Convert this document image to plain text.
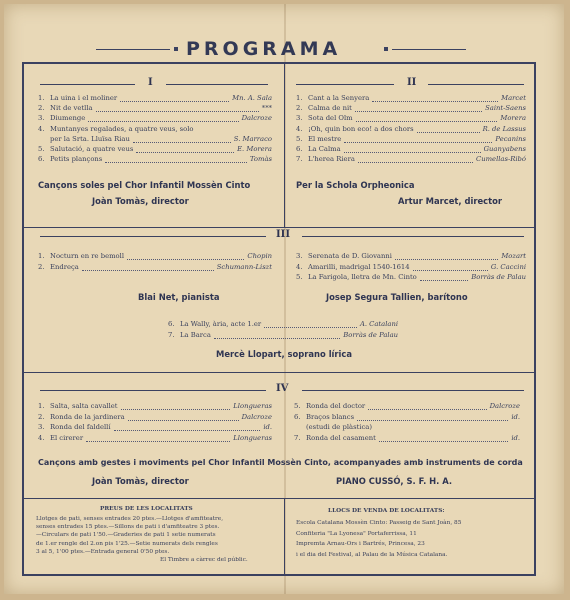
PROGRAMA
I
Cançons soles pel Chor Infantil Mossèn Cinto
Joàn Tomàs, director
II
Per la Schola Orpheonica
Artur Marcet, director
III
Blai Net, pianista	Josep Segura Tallien, barítono
Mercè Llopart, soprano lírica
IV
Cançons amb gestes i moviments pel Chor Infantil Mossèn Cinto, acompanyades amb instruments de corda
Joàn Tomàs, director	PIANO CUSSÓ, S. F. H. A.
PREUS DE LES LOCALITATS	LLOCS DE VENDA DE LOCALITATS:
1. La uina i el moliner	Mn. A. Sala
2. Nit de vetlla	***
3. Diumenge	Dalcroze
4. Muntanyes regalades, a quatre veus, solo
per la Srta. Lluïsa Riau	S. Marraco
5. Salutació, a quatre veus	E. Morera
6. Petits plançons	Tomàs
1. Cant a la Senyera	Marcet
2. Calma de nit	Saint-Saens
3. Sota del Olm	Morera
4. ¡Oh, quin bon eco! a dos chors	R. de Lassus
5. El mestre	Pecanins
6. La Calma	Guanyabens
7. L'herea Riera	Cumellas-Ribó
1. Nocturn en re bemoll	Chopin
2. Endreça	Schumann-Liszt
3. Serenata de D. Giovanni	Mozart
4. Amarilli, madrigal 1540-1614	G. Caccini
5. La Farigola, lletra de Mn. Cinto	Borràs de Palau
6. La Wally, ària, acte 1.er	A. Catalani
7. La Barca	Borràs de Palau
1. Salta, salta cavallet	Llongueras
2. Ronda de la jardinera	Dalcroze
3. Ronda del faldellí	id.
4. El cirerer	Llongueras
5. Ronda del doctor	Dalcroze
6. Braços blancs	id.
(estudi de plàstica)
7. Ronda del casament	id.
Llotges de pati, senses entrades 20 ptes.—Llotges d'amfiteatre,
senses entrades 15 ptes.—Sillons de pati i d'amfiteatre 3 ptes.
—Circulars de pati 1'50.—Graderies de pati 1 setie numerats
de 1.er rengle del 2.on pis 1'25.—Setie numerats dels rengles
3 al 5, 1'00 ptes.—Entrada general 0'50 ptes.
El Timbre a càrrec del públic.
Escola Catalana Mossèn Cinto: Passeig de Sant Joàn, 85
Confiteria "La Lyonesa" Portaferrissa, 11
Impremta Arnau-Ors i Bartrés, Princesa, 23
i el dia del Festival, al Palau de la Música Catalana.
